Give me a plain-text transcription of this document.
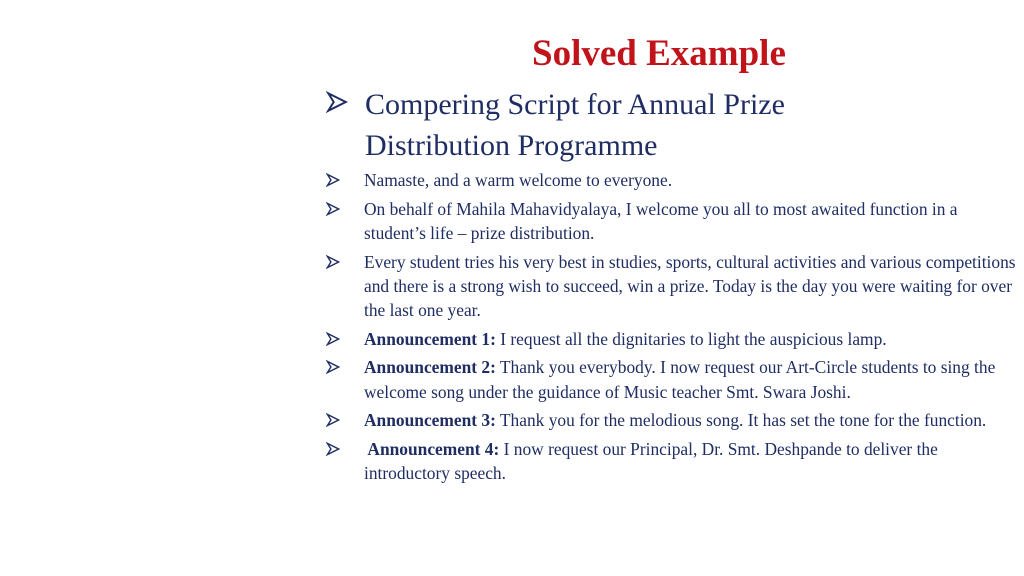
Solved Example
Compering Script for Annual Prize Distribution Programme
Namaste, and a warm welcome to everyone.
On behalf of Mahila Mahavidyalaya, I welcome you all to most awaited function in a student’s life – prize distribution.
Every student tries his very best in studies, sports, cultural activities and various competitions and there is a strong wish to succeed, win a prize. Today is the day you were waiting for over the last one year.
Announcement 1: I request all the dignitaries to light the auspicious lamp.
Announcement 2: Thank you everybody. I now request our Art-Circle students to sing the welcome song under the guidance of Music teacher Smt. Swara Joshi.
Announcement 3: Thank you for the melodious song. It has set the tone for the function.
Announcement 4: I now request our Principal, Dr. Smt. Deshpande to deliver the introductory speech.
